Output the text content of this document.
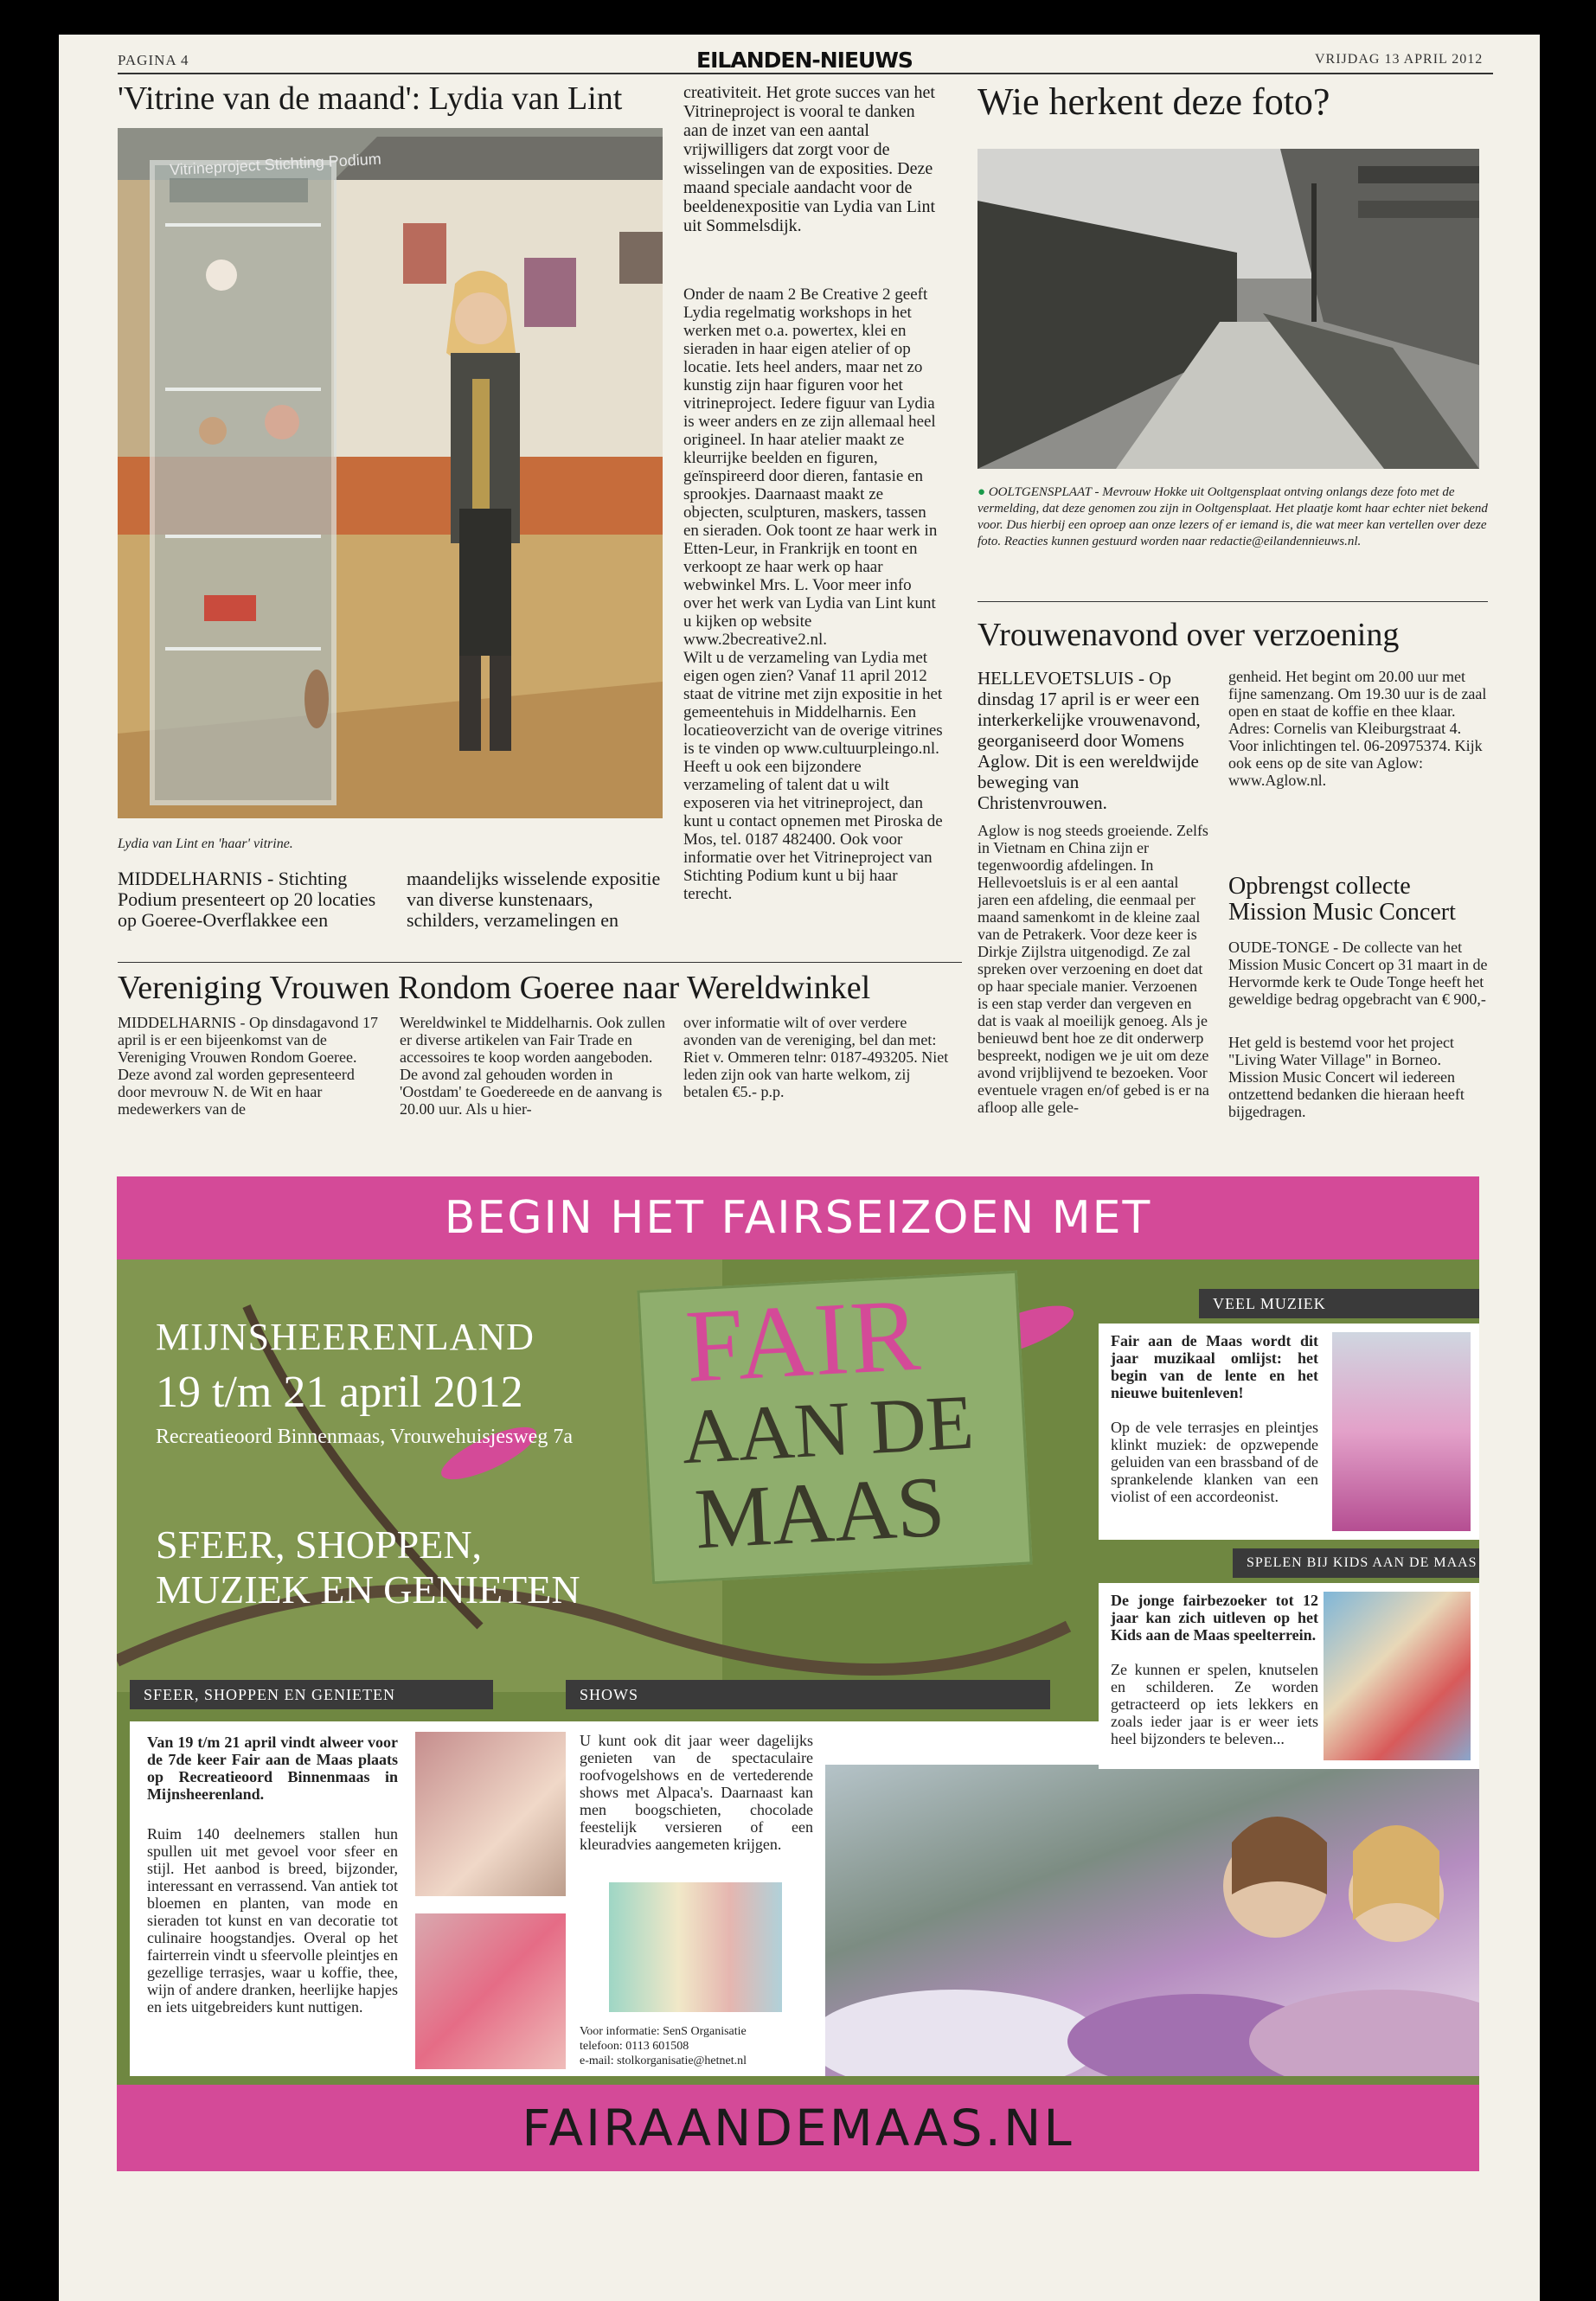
PAGINA 4	EILANDEN-NIEUWS	VRIJDAG 13 APRIL 2012
'Vitrine van de maand': Lydia van Lint
Vitrineproject Stichting Podium
Lydia van Lint en 'haar' vitrine.
MIDDELHARNIS - Stichting Podium presenteert op 20 locaties op Goeree-Overflakkee een
maandelijks wisselende expositie van diverse kunstenaars, schilders, verzamelingen en
creativiteit. Het grote succes van het Vitrineproject is vooral te danken aan de inzet van een aantal vrijwilligers dat zorgt voor de wisselingen van de exposities. Deze maand speciale aandacht voor de beeldenexpositie van Lydia van Lint uit Sommelsdijk.

Onder de naam 2 Be Creative 2 geeft Lydia regelmatig workshops in het werken met o.a. powertex, klei en sieraden in haar eigen atelier of op locatie. Iets heel anders, maar net zo kunstig zijn haar figuren voor het vitrineproject. Iedere figuur van Lydia is weer anders en ze zijn allemaal heel origineel. In haar atelier maakt ze kleurrijke beelden en figuren, geïnspireerd door dieren, fantasie en sprookjes. Daarnaast maakt ze objecten, sculpturen, maskers, tassen en sieraden. Ook toont ze haar werk in Etten-Leur, in Frankrijk en toont en verkoopt ze haar werk op haar webwinkel Mrs. L. Voor meer info over het werk van Lydia van Lint kunt u kijken op website www.2becreative2.nl.

Wilt u de verzameling van Lydia met eigen ogen zien? Vanaf 11 april 2012 staat de vitrine met zijn expositie in het gemeentehuis in Middelharnis. Een locatieoverzicht van de overige vitrines is te vinden op www.cultuurpleingo.nl.

Heeft u ook een bijzondere verzameling of talent dat u wilt exposeren via het vitrineproject, dan kunt u contact opnemen met Piroska de Mos, tel. 0187 482400. Ook voor informatie over het Vitrineproject van Stichting Podium kunt u bij haar terecht.

Wie herkent deze foto?
● OOLTGENSPLAAT - Mevrouw Hokke uit Ooltgensplaat ontving onlangs deze foto met de vermelding, dat deze genomen zou zijn in Ooltgensplaat. Het plaatje komt haar echter niet bekend voor. Dus hierbij een oproep aan onze lezers of er iemand is, die wat meer kan vertellen over deze foto. Reacties kunnen gestuurd worden naar redactie@eilandennieuws.nl.
Vrouwenavond over verzoening
HELLEVOETSLUIS - Op dinsdag 17 april is er weer een interkerkelijke vrouwenavond, georganiseerd door Womens Aglow. Dit is een wereldwijde beweging van Christenvrouwen.
Aglow is nog steeds groeiende. Zelfs in Vietnam en China zijn er tegenwoordig afdelingen. In Hellevoetsluis is er al een aantal jaren een afdeling, die eenmaal per maand samenkomt in de kleine zaal van de Petrakerk. Voor deze keer is Dirkje Zijlstra uitgenodigd. Ze zal spreken over verzoening en doet dat op haar speciale manier. Verzoenen is een stap verder dan vergeven en dat is vaak al moeilijk genoeg. Als je benieuwd bent hoe ze dit onderwerp bespreekt, nodigen we je uit om deze avond vrijblijvend te bezoeken. Voor eventuele vragen en/of gebed is er na afloop alle gele-
genheid. Het begint om 20.00 uur met fijne samenzang. Om 19.30 uur is de zaal open en staat de koffie en thee klaar. Adres: Cornelis van Kleiburgstraat 4. Voor inlichtingen tel. 06-20975374. Kijk ook eens op de site van Aglow: www.Aglow.nl.
Opbrengst collecte Mission Music Concert
OUDE-TONGE - De collecte van het Mission Music Concert op 31 maart in de Hervormde kerk te Oude Tonge heeft het geweldige bedrag opgebracht van € 900,-
Het geld is bestemd voor het project "Living Water Village" in Borneo. Mission Music Concert wil iedereen ontzettend bedanken die hieraan heeft bijgedragen.
Vereniging Vrouwen Rondom Goeree naar Wereldwinkel
MIDDELHARNIS - Op dinsdagavond 17 april is er een bijeenkomst van de Vereniging Vrouwen Rondom Goeree. Deze avond zal worden gepresenteerd door mevrouw N. de Wit en haar medewerkers van de
Wereldwinkel te Middelharnis. Ook zullen er diverse artikelen van Fair Trade en accessoires te koop worden aangeboden. De avond zal gehouden worden in 'Oostdam' te Goedereede en de aanvang is 20.00 uur. Als u hier-
over informatie wilt of over verdere avonden van de vereniging, bel dan met: Riet v. Ommeren telnr: 0187-493205. Niet leden zijn ook van harte welkom, zij betalen €5.- p.p.
BEGIN HET FAIRSEIZOEN MET
MIJNSHEERENLAND
19 t/m 21 april 2012
Recreatieoord Binnenmaas, Vrouwehuisjesweg 7a
FAIR
AAN DE
MAAS
SFEER, SHOPPEN,
MUZIEK EN GENIETEN
SFEER, SHOPPEN EN GENIETEN
Van 19 t/m 21 april vindt alweer voor de 7de keer Fair aan de Maas plaats op Recreatieoord Binnenmaas in Mijnsheerenland.
Ruim 140 deelnemers stallen hun spullen uit met gevoel voor sfeer en stijl. Het aanbod is breed, bijzonder, interessant en verrassend. Van antiek tot bloemen en planten, van mode en sieraden tot kunst en van decoratie tot culinaire hoogstandjes. Overal op het fairterrein vindt u sfeervolle pleintjes en gezellige terrasjes, waar u koffie, thee, wijn of andere dranken, heerlijke hapjes en iets uitgebreiders kunt nuttigen.
SHOWS
U kunt ook dit jaar weer dagelijks genieten van de spectaculaire roofvogelshows en de vertederende shows met Alpaca's. Daarnaast kan men boogschieten, chocolade feestelijk versieren of een kleuradvies aangemeten krijgen.
Voor informatie: SenS Organisatie
telefoon: 0113 601508
e-mail: stolkorganisatie@hetnet.nl
VEEL MUZIEK
Fair aan de Maas wordt dit jaar muzikaal omlijst: het begin van de lente en het nieuwe buitenleven!
Op de vele terrasjes en pleintjes klinkt muziek: de opzwepende geluiden van een brassband of de sprankelende klanken van een violist of een accordeonist.
SPELEN BIJ KIDS AAN DE MAAS
De jonge fairbezoeker tot 12 jaar kan zich uitleven op het Kids aan de Maas speelterrein.
Ze kunnen er spelen, knutselen en schilderen. Ze worden getracteerd op iets lekkers en zoals ieder jaar is er weer iets heel bijzonders te beleven...
FAIRAANDEMAAS.NL
